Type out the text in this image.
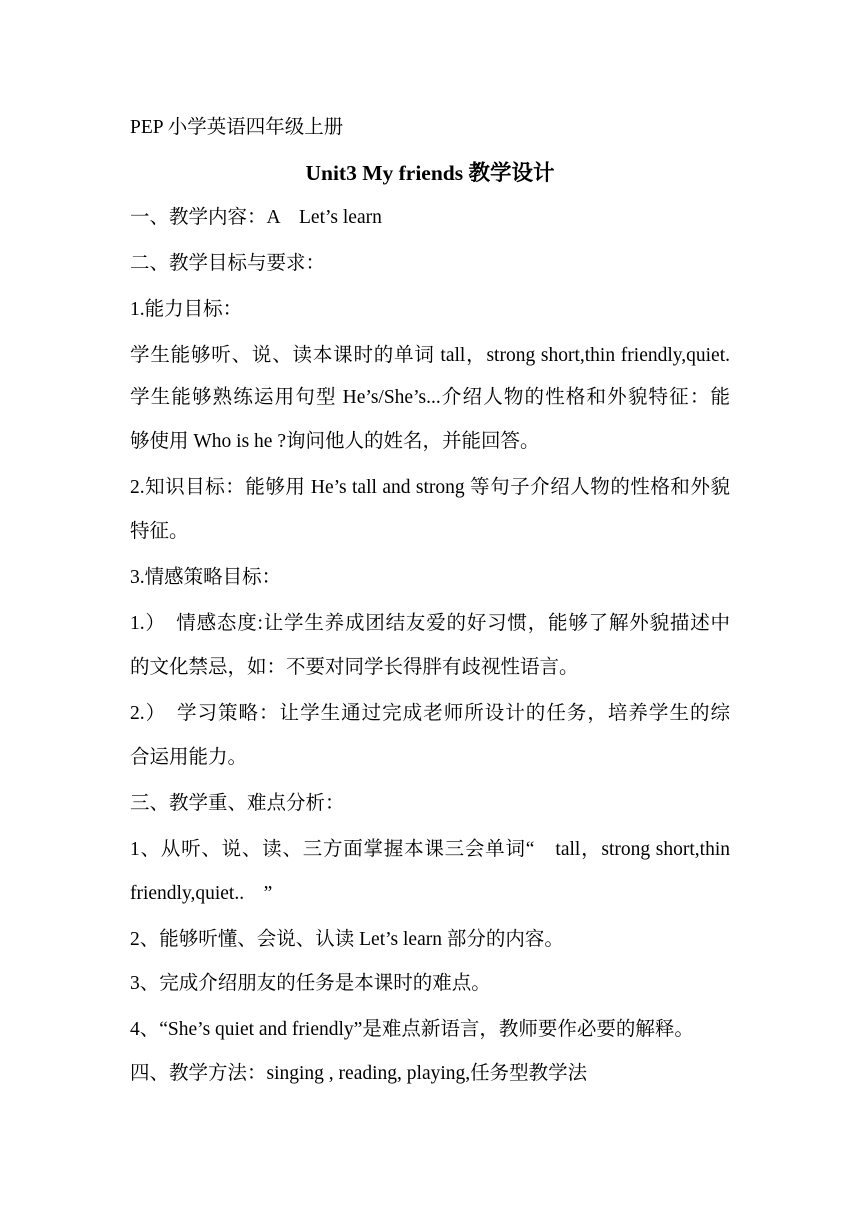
PEP 小学英语四年级上册

Unit3 My friends 教学设计

一、教学内容：A　Let’s learn

二、教学目标与要求：

1.能力目标：

学生能够听、说、读本课时的单词 tall，strong short,thin friendly,quiet.

学生能够熟练运用句型 He’s/She’s...介绍人物的性格和外貌特征：能

够使用 Who is he ?询问他人的姓名，并能回答。

2.知识目标：能够用 He’s tall and strong 等句子介绍人物的性格和外貌

特征。

3.情感策略目标：

1.）　情感态度:让学生养成团结友爱的好习惯，能够了解外貌描述中

的文化禁忌，如：不要对同学长得胖有歧视性语言。

2.）　学习策略：让学生通过完成老师所设计的任务，培养学生的综

合运用能力。

三、教学重、难点分析：

1、从听、说、读、三方面掌握本课三会单词“　tall，strong short,thin

friendly,quiet..　”

2、能够听懂、会说、认读 Let’s learn 部分的内容。

3、完成介绍朋友的任务是本课时的难点。

4、“She’s quiet and friendly”是难点新语言，教师要作必要的解释。

四、教学方法：singing , reading, playing,任务型教学法
